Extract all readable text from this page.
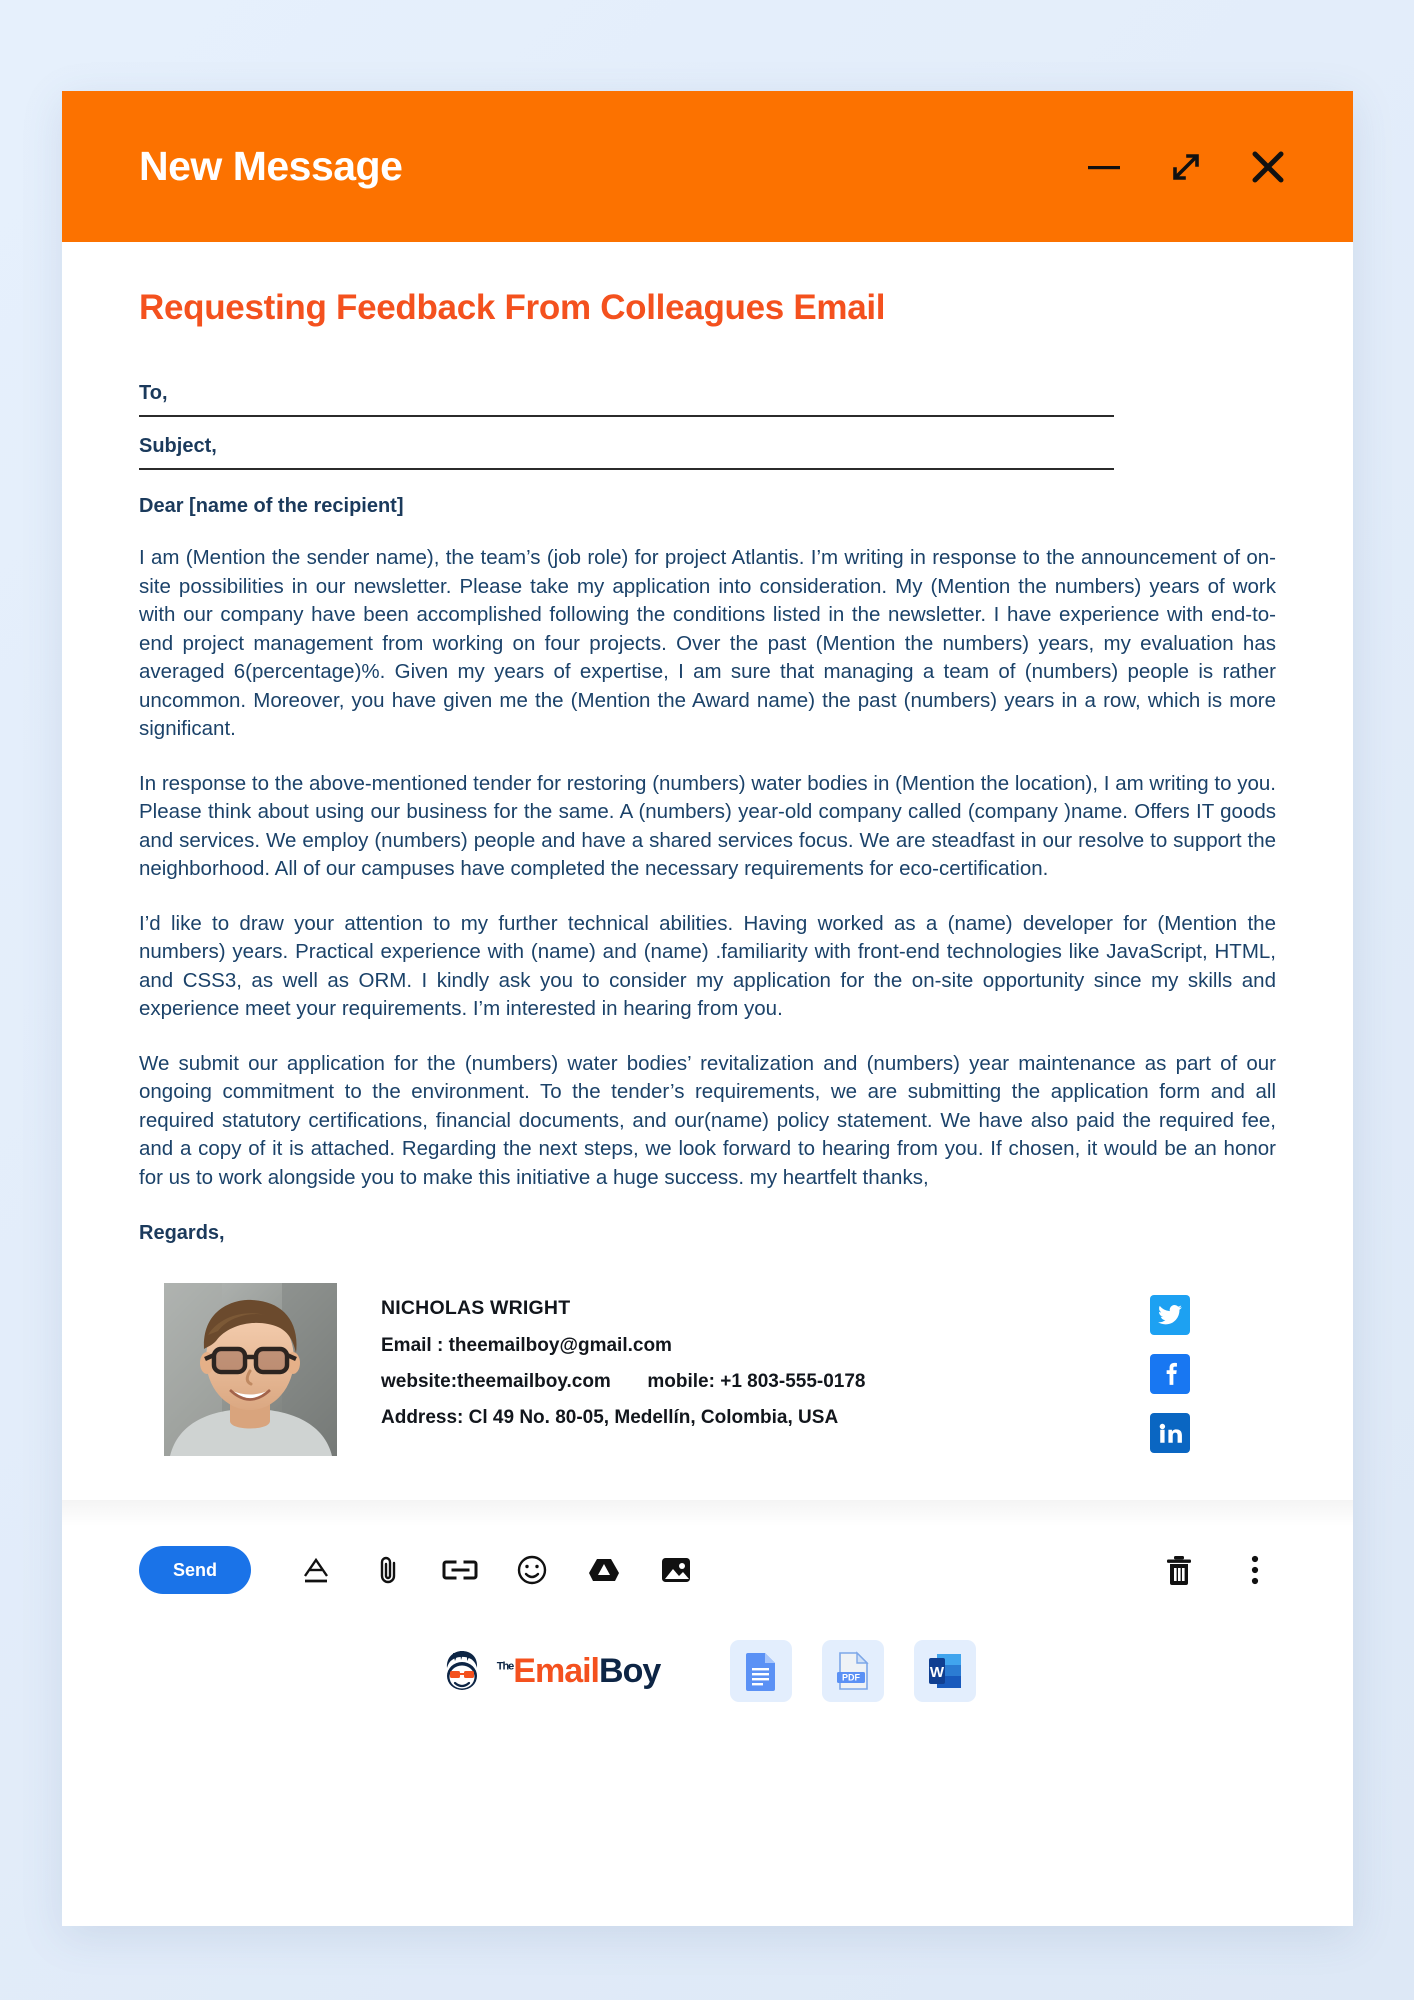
New Message
Requesting Feedback From Colleagues Email
To,
Subject,
Dear [name of the recipient]

I am (Mention the sender name), the team’s (job role) for project Atlantis. I’m writing in response to the announcement of on-site possibilities in our newsletter. Please take my application into consideration. My (Mention the numbers) years of work with our company have been accomplished following the conditions listed in the newsletter. I have experience with end-to-end project management from working on four projects. Over the past (Mention the numbers) years, my evaluation has averaged 6(percentage)%. Given my years of expertise, I am sure that managing a team of (numbers) people is rather uncommon. Moreover, you have given me the (Mention the Award name) the past (numbers) years in a row, which is more significant.

In response to the above-mentioned tender for restoring (numbers) water bodies in (Mention the location), I am writing to you. Please think about using our business for the same. A (numbers) year-old company called (company )name. Offers IT goods and services. We employ (numbers) people and have a shared services focus. We are steadfast in our resolve to support the neighborhood. All of our campuses have completed the necessary requirements for eco-certification.

I’d like to draw your attention to my further technical abilities. Having worked as a (name) developer for (Mention the numbers) years. Practical experience with (name) and (name) .familiarity with front-end technologies like JavaScript, HTML, and CSS3, as well as ORM. I kindly ask you to consider my application for the on-site opportunity since my skills and experience meet your requirements. I’m interested in hearing from you.

We submit our application for the (numbers) water bodies’ revitalization and (numbers) year maintenance as part of our ongoing commitment to the environment. To the tender’s requirements, we are submitting the application form and all required statutory certifications, financial documents, and our(name) policy statement. We have also paid the required fee, and a copy of it is attached. Regarding the next steps, we look forward to hearing from you. If chosen, it would be an honor for us to work alongside you to make this initiative a huge success. my heartfelt thanks,

Regards,
NICHOLAS WRIGHT
Email : theemailboy@gmail.com
website:theemailboy.com mobile: +1 803-555-0178
Address: Cl 49 No. 80-05, Medellín, Colombia, USA
Send
$^{The}$EmailBoy	PDF	W
